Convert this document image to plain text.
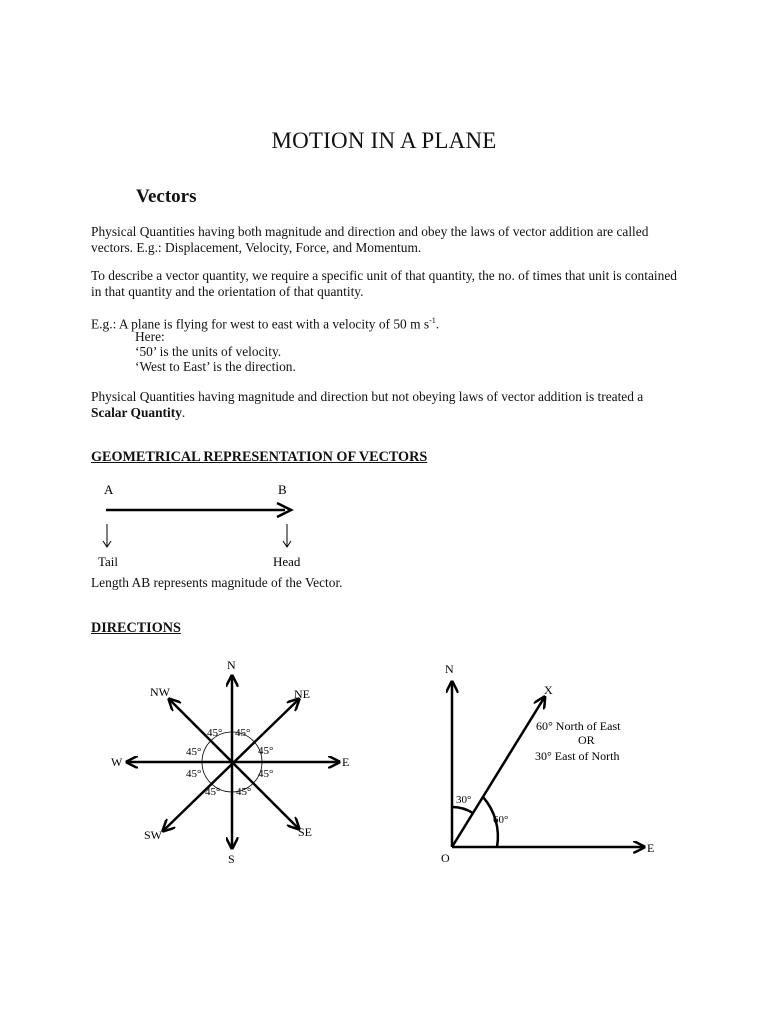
MOTION IN A PLANE
Vectors

Physical Quantities having both magnitude and direction and obey the laws of vector addition are called vectors. E.g.: Displacement, Velocity, Force, and Momentum.

To describe a vector quantity, we require a specific unit of that quantity, the no. of times that unit is contained in that quantity and the orientation of that quantity.

E.g.: A plane is flying for west to east with a velocity of 50 m $s^{-1}$.

Here:

‘50’ is the units of velocity.

‘West to East’ is the direction.

Physical Quantities having magnitude and direction but not obeying laws of vector addition is treated a
Scalar Quantity.

GEOMETRICAL REPRESENTATION OF VECTORS
A	B
Tail	Head

Length AB represents magnitude of the Vector.

DIRECTIONS
N
S
W	E
NW	NE
SW	SE
45° 45°
45°	45°
45°	45°
45° 45°
N
E
O
X
60° North of East
OR
30° East of North
30°
60°
